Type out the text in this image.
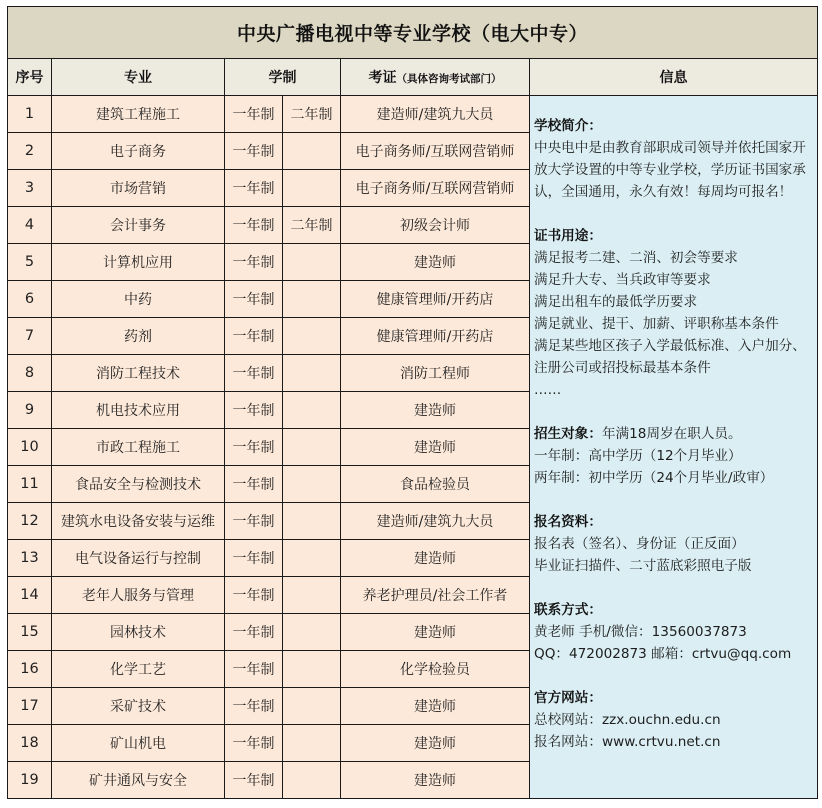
中央广播电视中等专业学校（电大中专）					
序号	专业	学制		考证（具体咨询考试部门）	信息
1	建筑工程施工	一年制	二年制	建造师/建筑九大员	
学校简介：
中央电中是由教育部职成司领导并依托国家开放大学设置的中等专业学校，学历证书国家承认，全国通用，永久有效！每周均可报名！
证书用途：
满足报考二建、二消、初会等要求
满足升大专、当兵政审等要求
满足出租车的最低学历要求
满足就业、提干、加薪、评职称基本条件
满足某些地区孩子入学最低标准、入户加分、注册公司或招投标最基本条件
……
招生对象：年满18周岁在职人员。
一年制：高中学历（12个月毕业）
两年制：初中学历（24个月毕业/政审）
报名资料：
报名表（签名）、身份证（正反面）
毕业证扫描件、二寸蓝底彩照电子版
联系方式：
黄老师 手机/微信：13560037873
QQ：472002873 邮箱：crtvu@qq.com
官方网站：
总校网站：zzx.ouchn.edu.cn
报名网站：www.crtvu.net.cn

2	电子商务	一年制		电子商务师/互联网营销师	
3	市场营销	一年制		电子商务师/互联网营销师	
4	会计事务	一年制	二年制	初级会计师	
5	计算机应用	一年制		建造师	
6	中药	一年制		健康管理师/开药店	
7	药剂	一年制		健康管理师/开药店	
8	消防工程技术	一年制		消防工程师	
9	机电技术应用	一年制		建造师	
10	市政工程施工	一年制		建造师	
11	食品安全与检测技术	一年制		食品检验员	
12	建筑水电设备安装与运维	一年制		建造师/建筑九大员	
13	电气设备运行与控制	一年制		建造师	
14	老年人服务与管理	一年制		养老护理员/社会工作者	
15	园林技术	一年制		建造师	
16	化学工艺	一年制		化学检验员	
17	采矿技术	一年制		建造师	
18	矿山机电	一年制		建造师	
19	矿井通风与安全	一年制		建造师	
